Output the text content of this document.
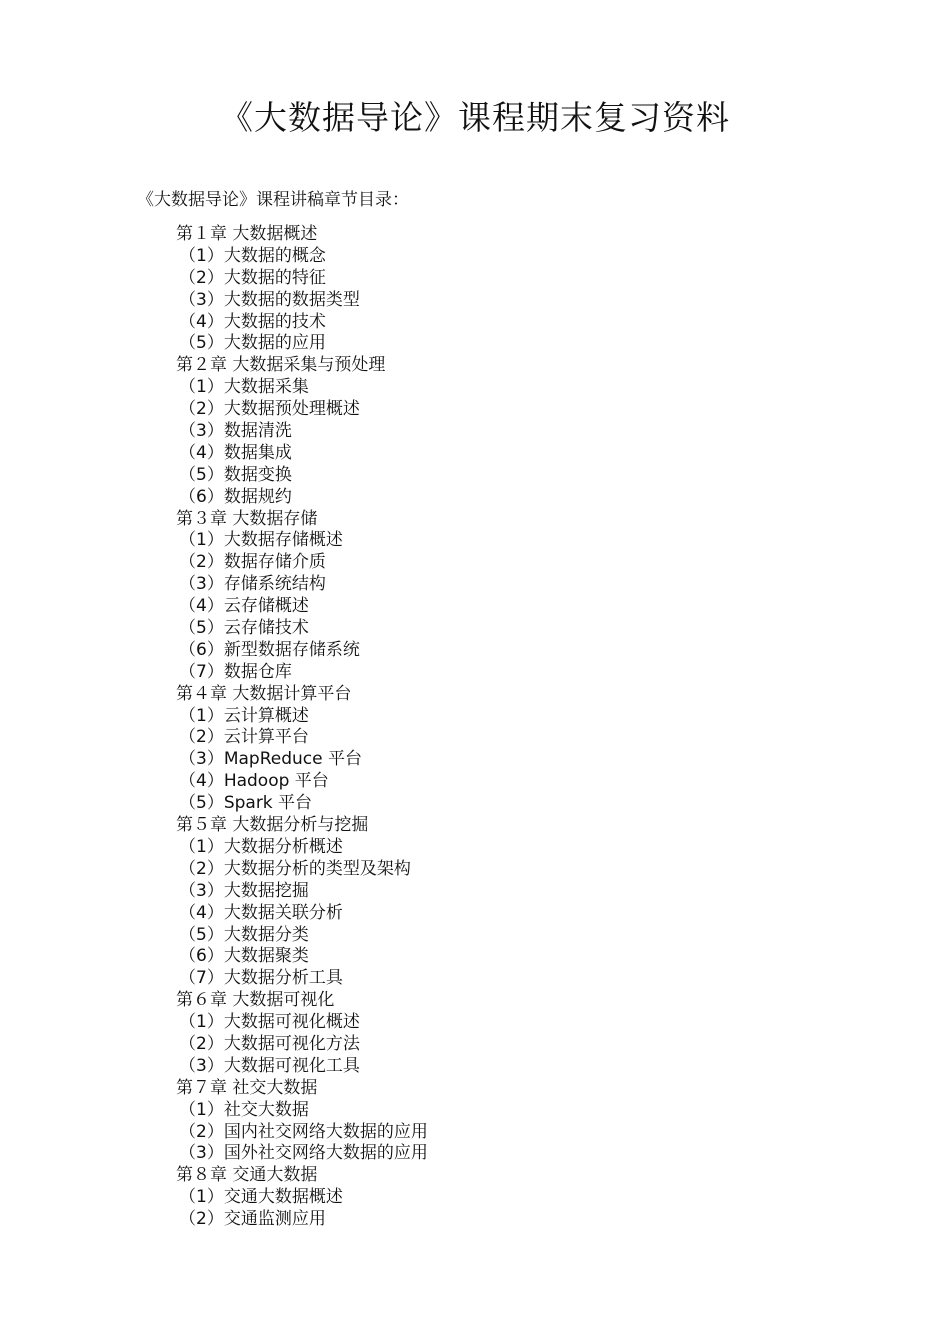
《大数据导论》课程期末复习资料
《大数据导论》课程讲稿章节目录：
第１章 大数据概述
（1）大数据的概念
（2）大数据的特征
（3）大数据的数据类型
（4）大数据的技术
（5）大数据的应用
第２章 大数据采集与预处理
（1）大数据采集
（2）大数据预处理概述
（3）数据清洗
（4）数据集成
（5）数据变换
（6）数据规约
第３章 大数据存储
（1）大数据存储概述
（2）数据存储介质
（3）存储系统结构
（4）云存储概述
（5）云存储技术
（6）新型数据存储系统
（7）数据仓库
第４章 大数据计算平台
（1）云计算概述
（2）云计算平台
（3）MapReduce 平台
（4）Hadoop 平台
（5）Spark 平台
第５章 大数据分析与挖掘
（1）大数据分析概述
（2）大数据分析的类型及架构
（3）大数据挖掘
（4）大数据关联分析
（5）大数据分类
（6）大数据聚类
（7）大数据分析工具
第６章 大数据可视化
（1）大数据可视化概述
（2）大数据可视化方法
（3）大数据可视化工具
第７章 社交大数据
（1）社交大数据
（2）国内社交网络大数据的应用
（3）国外社交网络大数据的应用
第８章 交通大数据
（1）交通大数据概述
（2）交通监测应用
